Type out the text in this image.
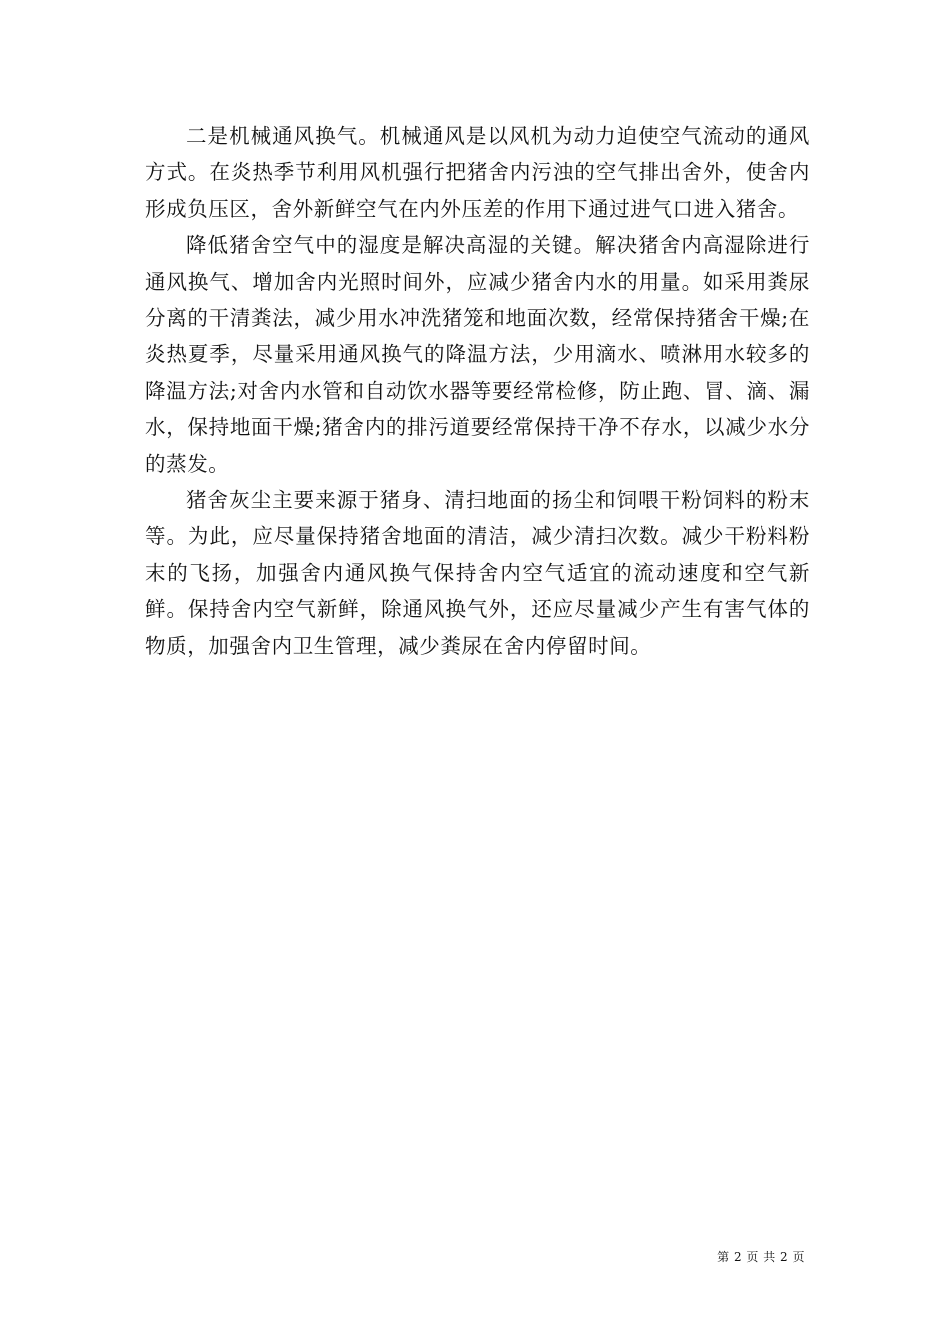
二是机械通风换气。机械通风是以风机为动力迫使空气流动的通风方式。在炎热季节利用风机强行把猪舍内污浊的空气排出舍外，使舍内形成负压区，舍外新鲜空气在内外压差的作用下通过进气口进入猪舍。

降低猪舍空气中的湿度是解决高湿的关键。解决猪舍内高湿除进行通风换气、增加舍内光照时间外，应减少猪舍内水的用量。如采用粪尿分离的干清粪法，减少用水冲洗猪笼和地面次数，经常保持猪舍干燥;在炎热夏季，尽量采用通风换气的降温方法，少用滴水、喷淋用水较多的降温方法;对舍内水管和自动饮水器等要经常检修，防止跑、冒、滴、漏水，保持地面干燥;猪舍内的排污道要经常保持干净不存水，以减少水分的蒸发。

猪舍灰尘主要来源于猪身、清扫地面的扬尘和饲喂干粉饲料的粉末等。为此，应尽量保持猪舍地面的清洁，减少清扫次数。减少干粉料粉末的飞扬，加强舍内通风换气保持舍内空气适宜的流动速度和空气新鲜。保持舍内空气新鲜，除通风换气外，还应尽量减少产生有害气体的物质，加强舍内卫生管理，减少粪尿在舍内停留时间。

第 2 页 共 2 页
